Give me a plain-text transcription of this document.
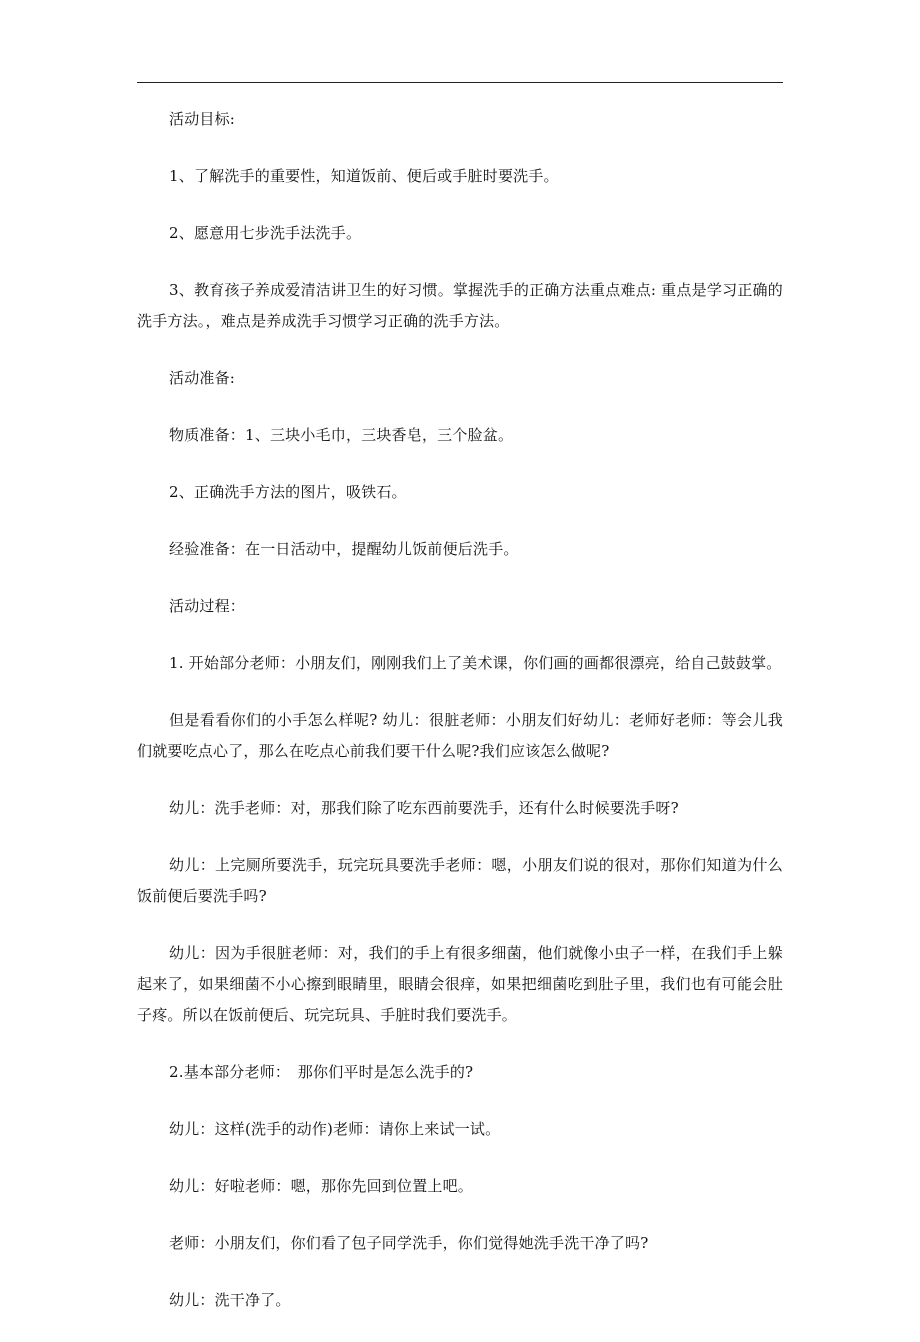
活动目标:

1、了解洗手的重要性，知道饭前、便后或手脏时要洗手。

2、愿意用七步洗手法洗手。

3、教育孩子养成爱清洁讲卫生的好习惯。掌握洗手的正确方法重点难点: 重点是学习正确的洗手方法。，难点是养成洗手习惯学习正确的洗手方法。

活动准备:

物质准备：1、三块小毛巾，三块香皂，三个脸盆。

2、正确洗手方法的图片，吸铁石。

经验准备：在一日活动中，提醒幼儿饭前便后洗手。

活动过程：

1. 开始部分老师：小朋友们，刚刚我们上了美术课，你们画的画都很漂亮，给自己鼓鼓掌。

但是看看你们的小手怎么样呢? 幼儿：很脏老师：小朋友们好幼儿：老师好老师：等会儿我们就要吃点心了，那么在吃点心前我们要干什么呢?我们应该怎么做呢?

幼儿：洗手老师：对，那我们除了吃东西前要洗手，还有什么时候要洗手呀?

幼儿：上完厕所要洗手，玩完玩具要洗手老师：嗯，小朋友们说的很对，那你们知道为什么饭前便后要洗手吗?

幼儿：因为手很脏老师：对，我们的手上有很多细菌，他们就像小虫子一样，在我们手上躲起来了，如果细菌不小心擦到眼睛里，眼睛会很痒，如果把细菌吃到肚子里，我们也有可能会肚子疼。所以在饭前便后、玩完玩具、手脏时我们要洗手。

2.基本部分老师：　那你们平时是怎么洗手的?

幼儿：这样(洗手的动作)老师：请你上来试一试。

幼儿：好啦老师：嗯，那你先回到位置上吧。

老师：小朋友们，你们看了包子同学洗手，你们觉得她洗手洗干净了吗?

幼儿：洗干净了。
